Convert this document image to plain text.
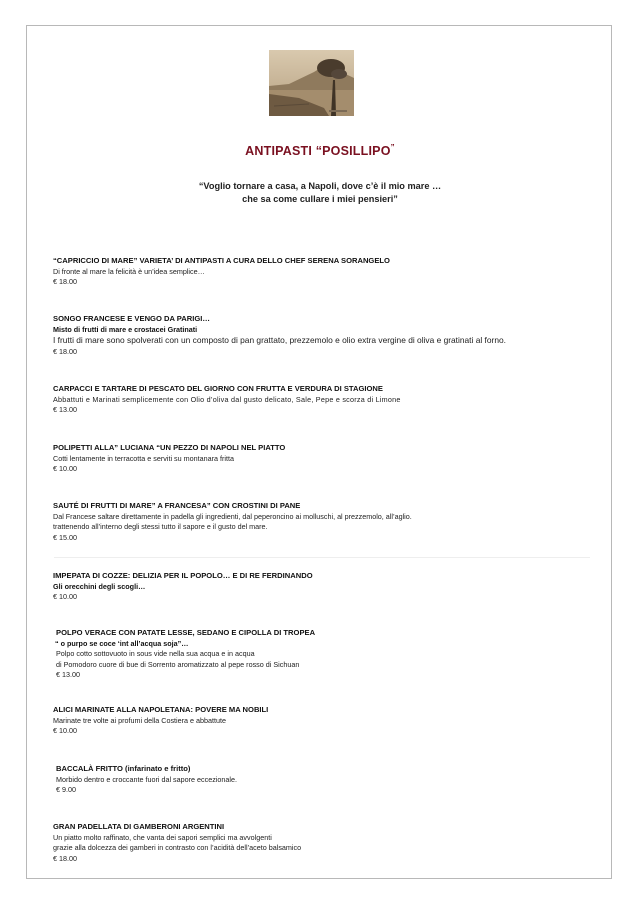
ANTIPASTI “POSILLIPO”
“Voglio tornare a casa, a Napoli, dove c’è il mio mare …
che sa come cullare i miei pensieri”
“CAPRICCIO DI MARE” VARIETA’ DI ANTIPASTI A CURA DELLO CHEF SERENA SORANGELO
Di fronte al mare la felicità è un’idea semplice…
€ 18.00
SONGO FRANCESE E VENGO DA PARIGI…
Misto di frutti di mare e crostacei Gratinati
I frutti di mare sono spolverati con un composto di pan grattato, prezzemolo e olio extra vergine di oliva e gratinati al forno.
€ 18.00
CARPACCI E TARTARE DI PESCATO DEL GIORNO CON FRUTTA E VERDURA DI STAGIONE
Abbattuti e Marinati semplicemente con Olio d’oliva dal gusto delicato, Sale, Pepe e scorza di Limone
€ 13.00
POLIPETTI ALLA” LUCIANA “UN PEZZO DI NAPOLI NEL PIATTO
Cotti lentamente in terracotta e serviti su montanara fritta
€ 10.00
SAUTÉ DI FRUTTI DI MARE” A FRANCESA” CON CROSTINI DI PANE
Dal Francese saltare direttamente in padella gli ingredienti, dal peperoncino ai molluschi, al prezzemolo, all’aglio.
trattenendo all’interno degli stessi tutto il sapore e il gusto del mare.
€ 15.00
IMPEPATA DI COZZE: DELIZIA PER IL POPOLO… E DI RE FERDINANDO
Gli orecchini degli scogli…
€ 10.00
POLPO VERACE CON PATATE LESSE, SEDANO E CIPOLLA DI TROPEA
“ o purpo se coce ‘int all’acqua soja”…
Polpo cotto sottovuoto in sous vide nella sua acqua e in acqua
di Pomodoro cuore di bue di Sorrento aromatizzato al pepe rosso di Sichuan
€ 13.00
ALICI MARINATE ALLA NAPOLETANA: POVERE MA NOBILI
Marinate tre volte ai profumi della Costiera e abbattute
€ 10.00
BACCALÀ FRITTO (infarinato e fritto)
Morbido dentro e croccante fuori dal sapore eccezionale.
€ 9.00
GRAN PADELLATA DI GAMBERONI ARGENTINI
Un piatto molto raffinato, che vanta dei sapori semplici ma avvolgenti
grazie alla dolcezza dei gamberi in contrasto con l’acidità dell’aceto balsamico
€ 18.00
